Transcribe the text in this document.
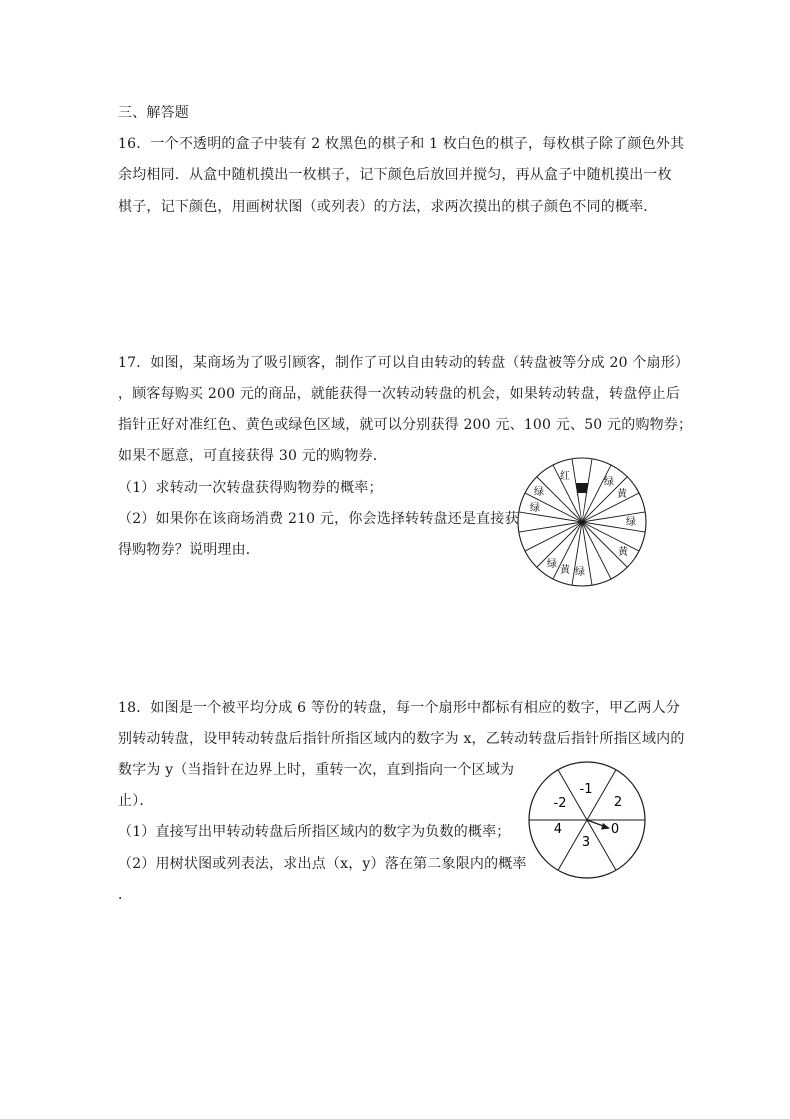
三、解答题
16．一个不透明的盒子中装有 2 枚黑色的棋子和 1 枚白色的棋子，每枚棋子除了颜色外其
余均相同．从盒中随机摸出一枚棋子，记下颜色后放回并搅匀，再从盒子中随机摸出一枚
棋子，记下颜色，用画树状图（或列表）的方法，求两次摸出的棋子颜色不同的概率．
17．如图，某商场为了吸引顾客，制作了可以自由转动的转盘（转盘被等分成 20 个扇形）
，顾客每购买 200 元的商品，就能获得一次转动转盘的机会，如果转动转盘，转盘停止后
指针正好对准红色、黄色或绿色区域，就可以分别获得 200 元、100 元、50 元的购物券；
如果不愿意，可直接获得 30 元的购物券．
（1）求转动一次转盘获得购物券的概率；
（2）如果你在该商场消费 210 元，你会选择转转盘还是直接获
得购物券？说明理由．
红
绿	黄
绿
黄
绿
黄
绿
绿
绿
18．如图是一个被平均分成 6 等份的转盘，每一个扇形中都标有相应的数字，甲乙两人分
别转动转盘，设甲转动转盘后指针所指区域内的数字为 x，乙转动转盘后指针所指区域内的
数字为 y（当指针在边界上时，重转一次，直到指向一个区域为
止）．
（1）直接写出甲转动转盘后所指区域内的数字为负数的概率；
（2）用树状图或列表法，求出点（x，y）落在第二象限内的概率
．
-1
2
0
3
4
-2
